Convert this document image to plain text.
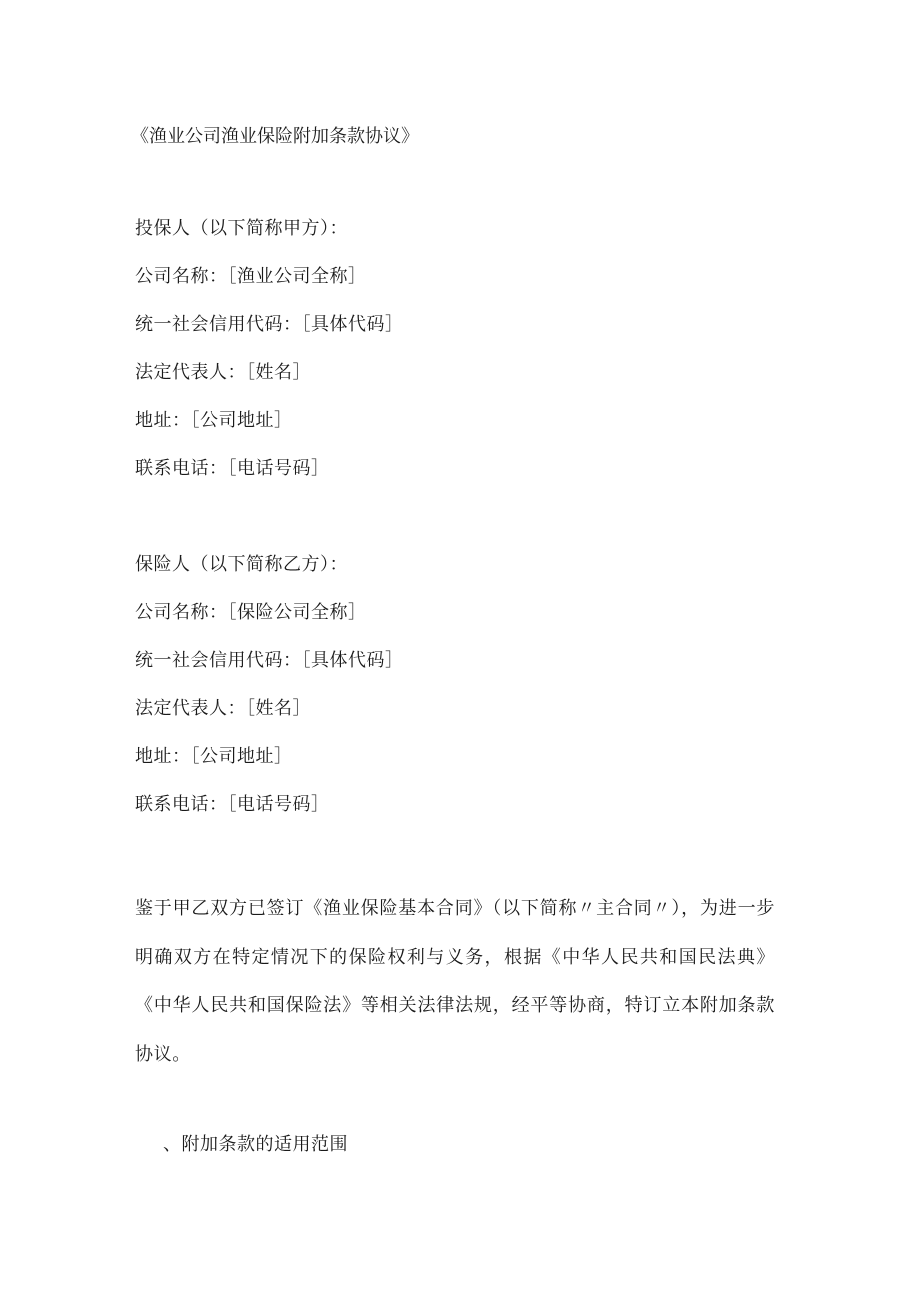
《渔业公司渔业保险附加条款协议》
投保人（以下简称甲方）：
公司名称：［渔业公司全称］
统一社会信用代码：［具体代码］
法定代表人：［姓名］
地址：［公司地址］
联系电话：［电话号码］
保险人（以下简称乙方）：
公司名称：［保险公司全称］
统一社会信用代码：［具体代码］
法定代表人：［姓名］
地址：［公司地址］
联系电话：［电话号码］
鉴于甲乙双方已签订《渔业保险基本合同》（以下简称〃主合同〃），为进一步明确双方在特定情况下的保险权利与义务，根据《中华人民共和国民法典》《中华人民共和国保险法》等相关法律法规，经平等协商，特订立本附加条款协议。
、附加条款的适用范围
